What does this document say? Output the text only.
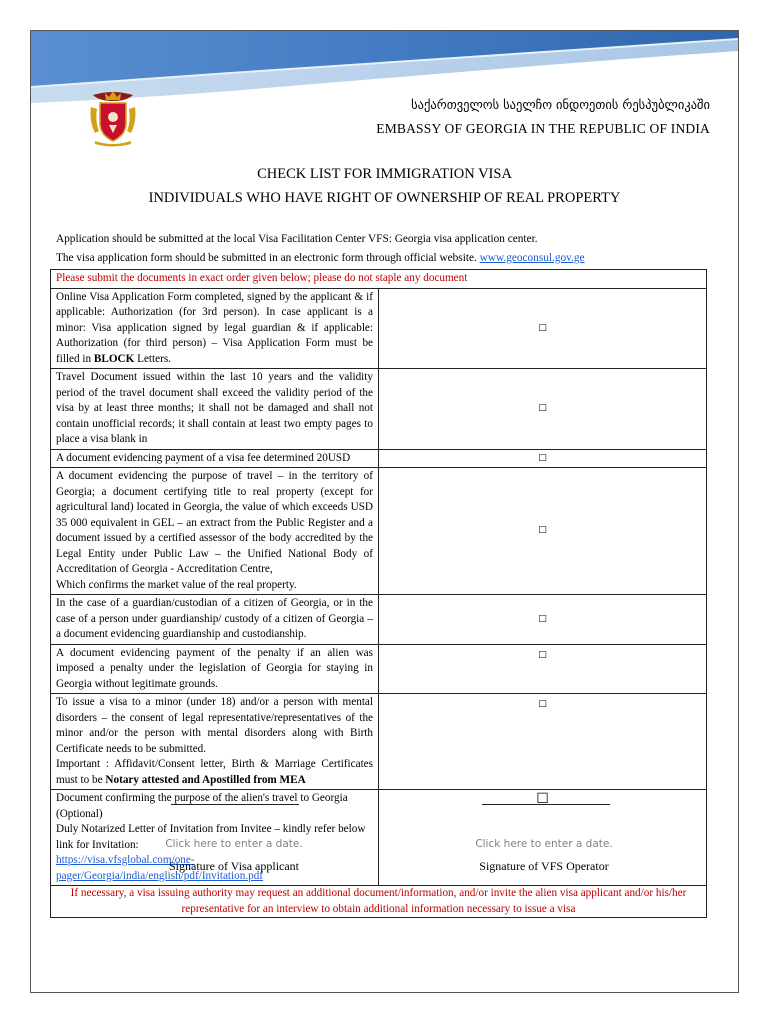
საქართველოს საელჩო ინდოეთის რესპუბლიკაში
EMBASSY OF GEORGIA IN THE REPUBLIC OF INDIA
CHECK LIST FOR IMMIGRATION VISA
INDIVIDUALS WHO HAVE RIGHT OF OWNERSHIP OF REAL PROPERTY
Application should be submitted at the local Visa Facilitation Center VFS: Georgia visa application center.
The visa application form should be submitted in an electronic form through official website. www.geoconsul.gov.ge
Please submit the documents in exact order given below; please do not staple any document	
Online Visa Application Form completed, signed by the applicant & if applicable: Authorization (for 3rd person). In case applicant is a minor: Visa application signed by legal guardian & if applicable: Authorization (for third person) – Visa Application Form must be filled in BLOCK Letters.	□
Travel Document issued within the last 10 years and the validity period of the travel document shall exceed the validity period of the visa by at least three months; it shall not be damaged and shall not contain unofficial records; it shall contain at least two empty pages to place a visa blank in	□
A document evidencing payment of a visa fee determined 20USD	□
A document evidencing the purpose of travel – in the territory of Georgia; a document certifying title to real property (except for agricultural land) located in Georgia, the value of which exceeds USD 35 000 equivalent in GEL – an extract from the Public Register and a document issued by a certified assessor of the body accredited by the Legal Entity under Public Law – the Unified National Body of Accreditation of Georgia - Accreditation Centre,
Which confirms the market value of the real property.	□
In the case of a guardian/custodian of a citizen of Georgia, or in the case of a person under guardianship/ custody of a citizen of Georgia – a document evidencing guardianship and custodianship.	□
A document evidencing payment of the penalty if an alien was imposed a penalty under the legislation of Georgia for staying in Georgia without legitimate grounds.	□
To issue a visa to a minor (under 18) and/or a person with mental disorders – the consent of legal representative/representatives of the minor and/or the person with mental disorders along with Birth Certificate needs to be submitted.
Important : Affidavit/Consent letter, Birth & Marriage Certificates must to be Notary attested and Apostilled from MEA	□
Document confirming the purpose of the alien's travel to Georgia (Optional)
Duly Notarized Letter of Invitation from Invitee – kindly refer below link for Invitation:
https://visa.vfsglobal.com/one-pager/Georgia/india/english/pdf/Invitation.pdf	☐
If necessary, a visa issuing authority may request an additional document/information, and/or invite the alien visa applicant and/or his/her representative for an interview to obtain additional information necessary to issue a visa	
Click here to enter a date.	Click here to enter a date.
Signature of Visa applicant	Signature of VFS Operator
